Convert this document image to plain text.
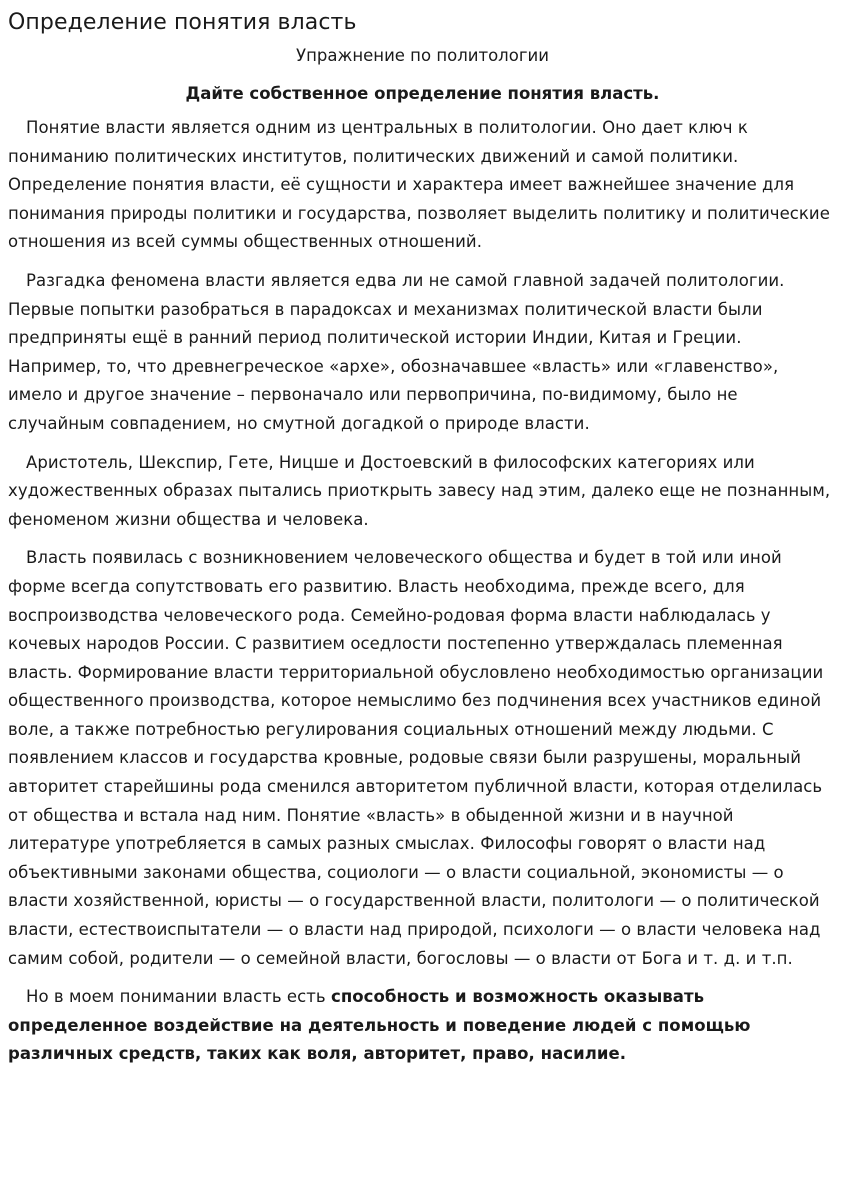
Определение понятия власть
Упражнение по политологии
Дайте собственное определение понятия власть.

Понятие власти является одним из центральных в политологии. Оно дает ключ к пониманию политических институтов, политических движений и самой политики. Определение понятия власти, её сущности и характера имеет важнейшее значение для понимания природы политики и государства, позволяет выделить политику и политические отношения из всей суммы общественных отношений.

Разгадка феномена власти является едва ли не самой главной задачей политологии. Первые попытки разобраться в парадоксах и механизмах политической власти были предприняты ещё в ранний период политической истории Индии, Китая и Греции. Например, то, что древнегреческое «архе», обозначавшее «власть» или «главенство», имело и другое значение – первоначало или первопричина, по-видимому, было не случайным совпадением, но смутной догадкой о природе власти.

Аристотель, Шекспир, Гете, Ницше и Достоевский в философских категориях или художественных образах пытались приоткрыть завесу над этим, далеко еще не познанным, феноменом жизни общества и человека.

Власть появилась с возникновением человеческого общества и будет в той или иной форме всегда сопутствовать его развитию. Власть необходима, прежде всего, для воспроизводства человеческого рода. Семейно-родовая форма власти наблюдалась у кочевых народов России. С развитием оседлости постепенно утверждалась племенная власть. Формирование власти территориальной обусловлено необходимостью организации общественного производства, которое немыслимо без подчинения всех участников единой воле, а также потребностью регулирования социальных отношений между людьми. С появлением классов и государства кровные, родовые связи были разрушены, моральный авторитет старейшины рода сменился авторитетом публичной власти, которая отделилась от общества и встала над ним. Понятие «власть» в обыденной жизни и в научной литературе употребляется в самых разных смыслах. Философы говорят о власти над объективными законами общества, социологи — о власти социальной, экономисты — о власти хозяйственной, юристы — о государственной власти, политологи — о политической власти, естествоиспытатели — о власти над природой, психологи — о власти человека над самим собой, родители — о семейной власти, богословы — о власти от Бога и т. д. и т.п.

Но в моем понимании власть есть способность и возможность оказывать определенное воздействие на деятельность и поведение людей с помощью различных средств, таких как воля, авторитет, право, насилие.
